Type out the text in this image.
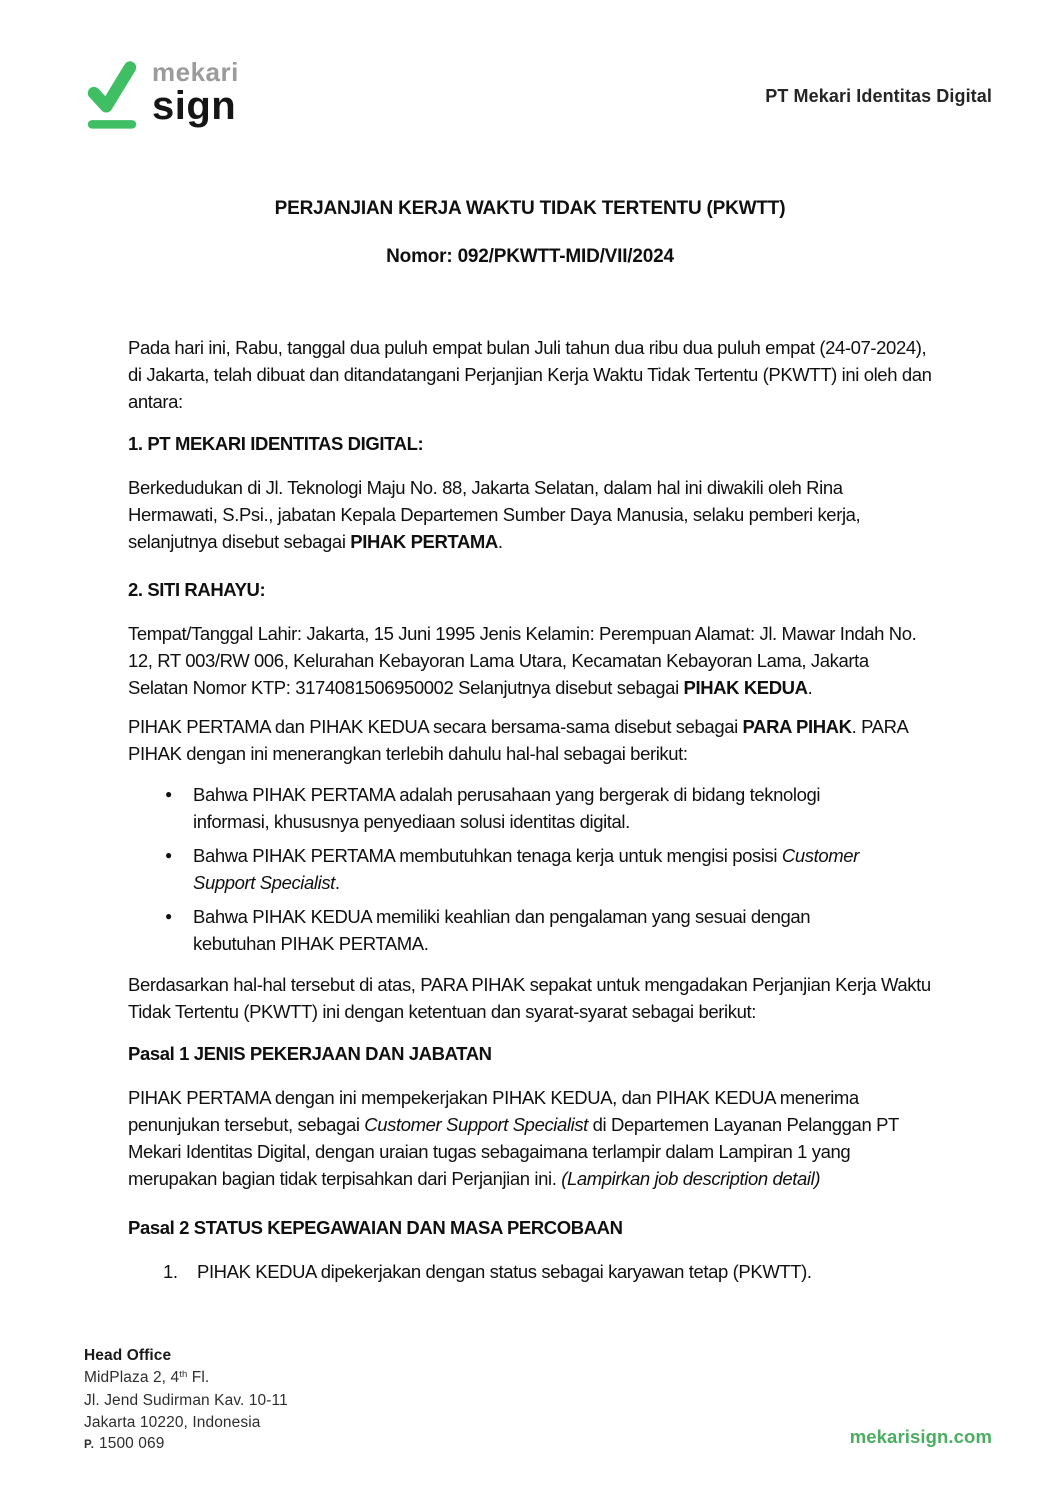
mekari
sign	PT Mekari Identitas Digital
PERJANJIAN KERJA WAKTU TIDAK TERTENTU (PKWTT)
Nomor: 092/PKWTT-MID/VII/2024
Pada hari ini, Rabu, tanggal dua puluh empat bulan Juli tahun dua ribu dua puluh empat (24-07-2024), di Jakarta, telah dibuat dan ditandatangani Perjanjian Kerja Waktu Tidak Tertentu (PKWTT) ini oleh dan antara:
1. PT MEKARI IDENTITAS DIGITAL:
Berkedudukan di Jl. Teknologi Maju No. 88, Jakarta Selatan, dalam hal ini diwakili oleh Rina Hermawati, S.Psi., jabatan Kepala Departemen Sumber Daya Manusia, selaku pemberi kerja, selanjutnya disebut sebagai PIHAK PERTAMA.
2. SITI RAHAYU:
Tempat/Tanggal Lahir: Jakarta, 15 Juni 1995 Jenis Kelamin: Perempuan Alamat: Jl. Mawar Indah No. 12, RT 003/RW 006, Kelurahan Kebayoran Lama Utara, Kecamatan Kebayoran Lama, Jakarta Selatan Nomor KTP: 3174081506950002 Selanjutnya disebut sebagai PIHAK KEDUA.
PIHAK PERTAMA dan PIHAK KEDUA secara bersama-sama disebut sebagai PARA PIHAK. PARA PIHAK dengan ini menerangkan terlebih dahulu hal-hal sebagai berikut:
●	Bahwa PIHAK PERTAMA adalah perusahaan yang bergerak di bidang teknologi informasi, khususnya penyediaan solusi identitas digital.
●	Bahwa PIHAK PERTAMA membutuhkan tenaga kerja untuk mengisi posisi Customer Support Specialist.
●	Bahwa PIHAK KEDUA memiliki keahlian dan pengalaman yang sesuai dengan kebutuhan PIHAK PERTAMA.
Berdasarkan hal-hal tersebut di atas, PARA PIHAK sepakat untuk mengadakan Perjanjian Kerja Waktu Tidak Tertentu (PKWTT) ini dengan ketentuan dan syarat-syarat sebagai berikut:
Pasal 1 JENIS PEKERJAAN DAN JABATAN
PIHAK PERTAMA dengan ini mempekerjakan PIHAK KEDUA, dan PIHAK KEDUA menerima penunjukan tersebut, sebagai Customer Support Specialist di Departemen Layanan Pelanggan PT Mekari Identitas Digital, dengan uraian tugas sebagaimana terlampir dalam Lampiran 1 yang merupakan bagian tidak terpisahkan dari Perjanjian ini. (Lampirkan job description detail)
Pasal 2 STATUS KEPEGAWAIAN DAN MASA PERCOBAAN
1.	PIHAK KEDUA dipekerjakan dengan status sebagai karyawan tetap (PKWTT).
Head Office
MidPlaza 2, 4th Fl.
Jl. Jend Sudirman Kav. 10-11
Jakarta 10220, Indonesia
P. 1500 069	mekarisign.com
